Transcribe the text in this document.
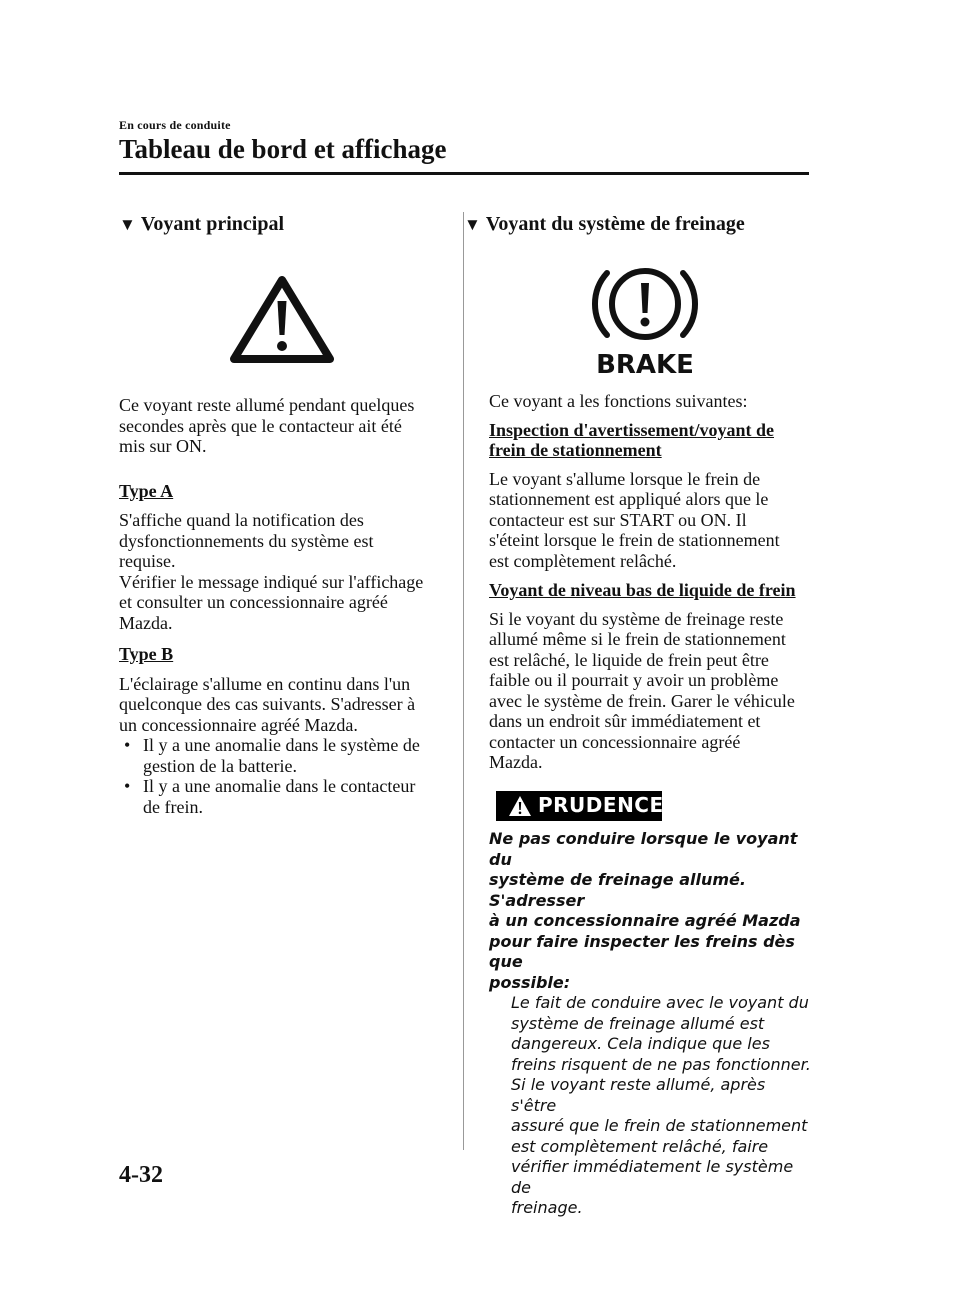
En cours de conduite
Tableau de bord et affichage
▼ Voyant principal

Ce voyant reste allumé pendant quelques

secondes après que le contacteur ait été

mis sur ON.

Type A

S'affiche quand la notification des

dysfonctionnements du système est

requise.

Vérifier le message indiqué sur l'affichage

et consulter un concessionnaire agréé

Mazda.

Type B

L'éclairage s'allume en continu dans l'un

quelconque des cas suivants. S'adresser à

un concessionnaire agréé Mazda.

• Il y a une anomalie dans le système de

gestion de la batterie.

• Il y a une anomalie dans le contacteur

de frein.

▼ Voyant du système de freinage
BRAKE

Ce voyant a les fonctions suivantes:

Inspection d'avertissement/voyant de

frein de stationnement

Le voyant s'allume lorsque le frein de

stationnement est appliqué alors que le

contacteur est sur START ou ON. Il

s'éteint lorsque le frein de stationnement

est complètement relâché.

Voyant de niveau bas de liquide de frein

Si le voyant du système de freinage reste

allumé même si le frein de stationnement

est relâché, le liquide de frein peut être

faible ou il pourrait y avoir un problème

avec le système de frein. Garer le véhicule

dans un endroit sûr immédiatement et

contacter un concessionnaire agréé

Mazda.

PRUDENCE

Ne pas conduire lorsque le voyant du

système de freinage allumé. S'adresser

à un concessionnaire agréé Mazda

pour faire inspecter les freins dès que

possible:

Le fait de conduire avec le voyant du

système de freinage allumé est

dangereux. Cela indique que les

freins risquent de ne pas fonctionner.

Si le voyant reste allumé, après s'être

assuré que le frein de stationnement

est complètement relâché, faire

vérifier immédiatement le système de

freinage.

4-32
